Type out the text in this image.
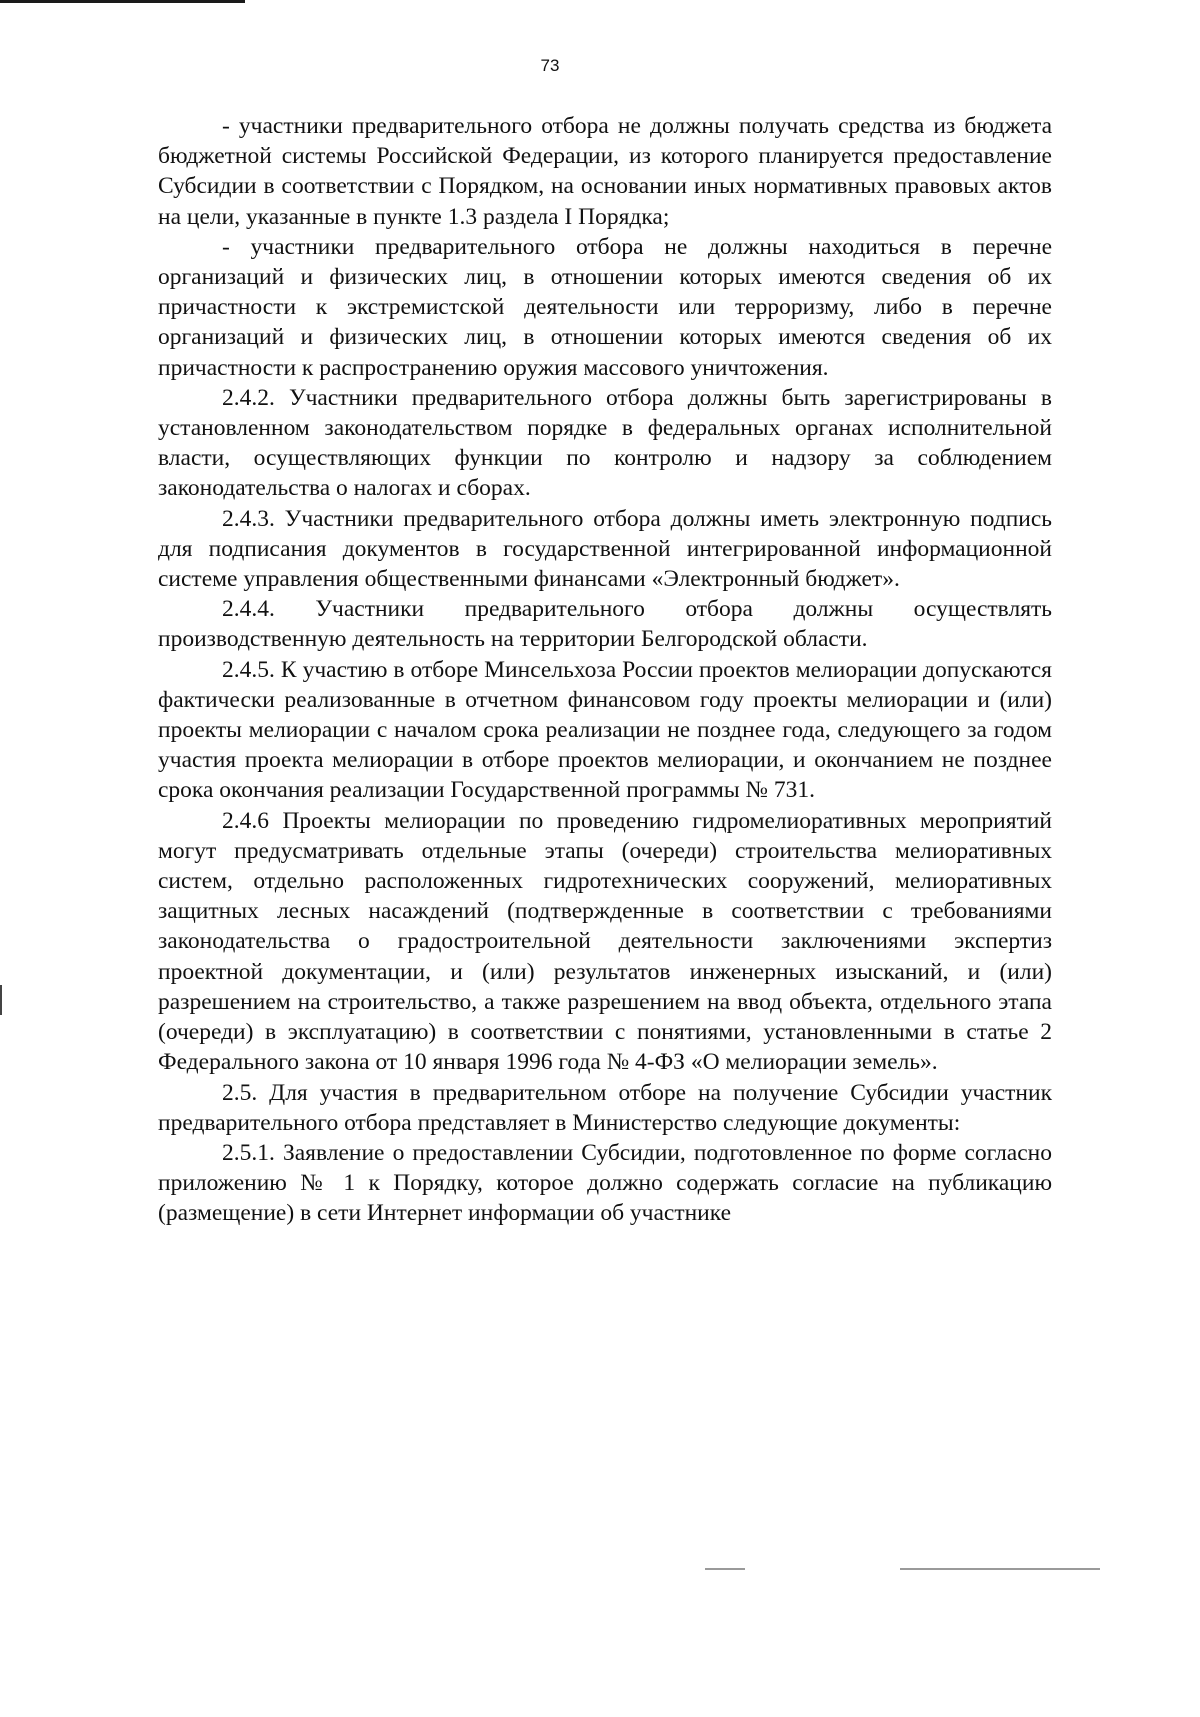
73

- участники предварительного отбора не должны получать средства из бюджета бюджетной системы Российской Федерации, из которого планируется предоставление Субсидии в соответствии с Порядком, на основании иных нормативных правовых актов на цели, указанные в пункте 1.3 раздела I Порядка;

- участники предварительного отбора не должны находиться в перечне организаций и физических лиц, в отношении которых имеются сведения об их причастности к экстремистской деятельности или терроризму, либо в перечне организаций и физических лиц, в отношении которых имеются сведения об их причастности к распространению оружия массового уничтожения.

2.4.2. Участники предварительного отбора должны быть зарегистрированы в установленном законодательством порядке в федеральных органах исполнительной власти, осуществляющих функции по контролю и надзору за соблюдением законодательства о налогах и сборах.

2.4.3. Участники предварительного отбора должны иметь электронную подпись для подписания документов в государственной интегрированной информационной системе управления общественными финансами «Электронный бюджет».

2.4.4. Участники предварительного отбора должны осуществлять производственную деятельность на территории Белгородской области.

2.4.5. К участию в отборе Минсельхоза России проектов мелиорации допускаются фактически реализованные в отчетном финансовом году проекты мелиорации и (или) проекты мелиорации с началом срока реализации не позднее года, следующего за годом участия проекта мелиорации в отборе проектов мелиорации, и окончанием не позднее срока окончания реализации Государственной программы № 731.

2.4.6 Проекты мелиорации по проведению гидромелиоративных мероприятий могут предусматривать отдельные этапы (очереди) строительства мелиоративных систем, отдельно расположенных гидротехнических сооружений, мелиоративных защитных лесных насаждений (подтвержденные в соответствии с требованиями законодательства о градостроительной деятельности заключениями экспертиз проектной документации, и (или) результатов инженерных изысканий, и (или) разрешением на строительство, а также разрешением на ввод объекта, отдельного этапа (очереди) в эксплуатацию) в соответствии с понятиями, установленными в статье 2 Федерального закона от 10 января 1996 года № 4-ФЗ «О мелиорации земель».

2.5. Для участия в предварительном отборе на получение Субсидии участник предварительного отбора представляет в Министерство следующие документы:

2.5.1. Заявление о предоставлении Субсидии, подготовленное по форме согласно приложению № 1 к Порядку, которое должно содержать согласие на публикацию (размещение) в сети Интернет информации об участнике
